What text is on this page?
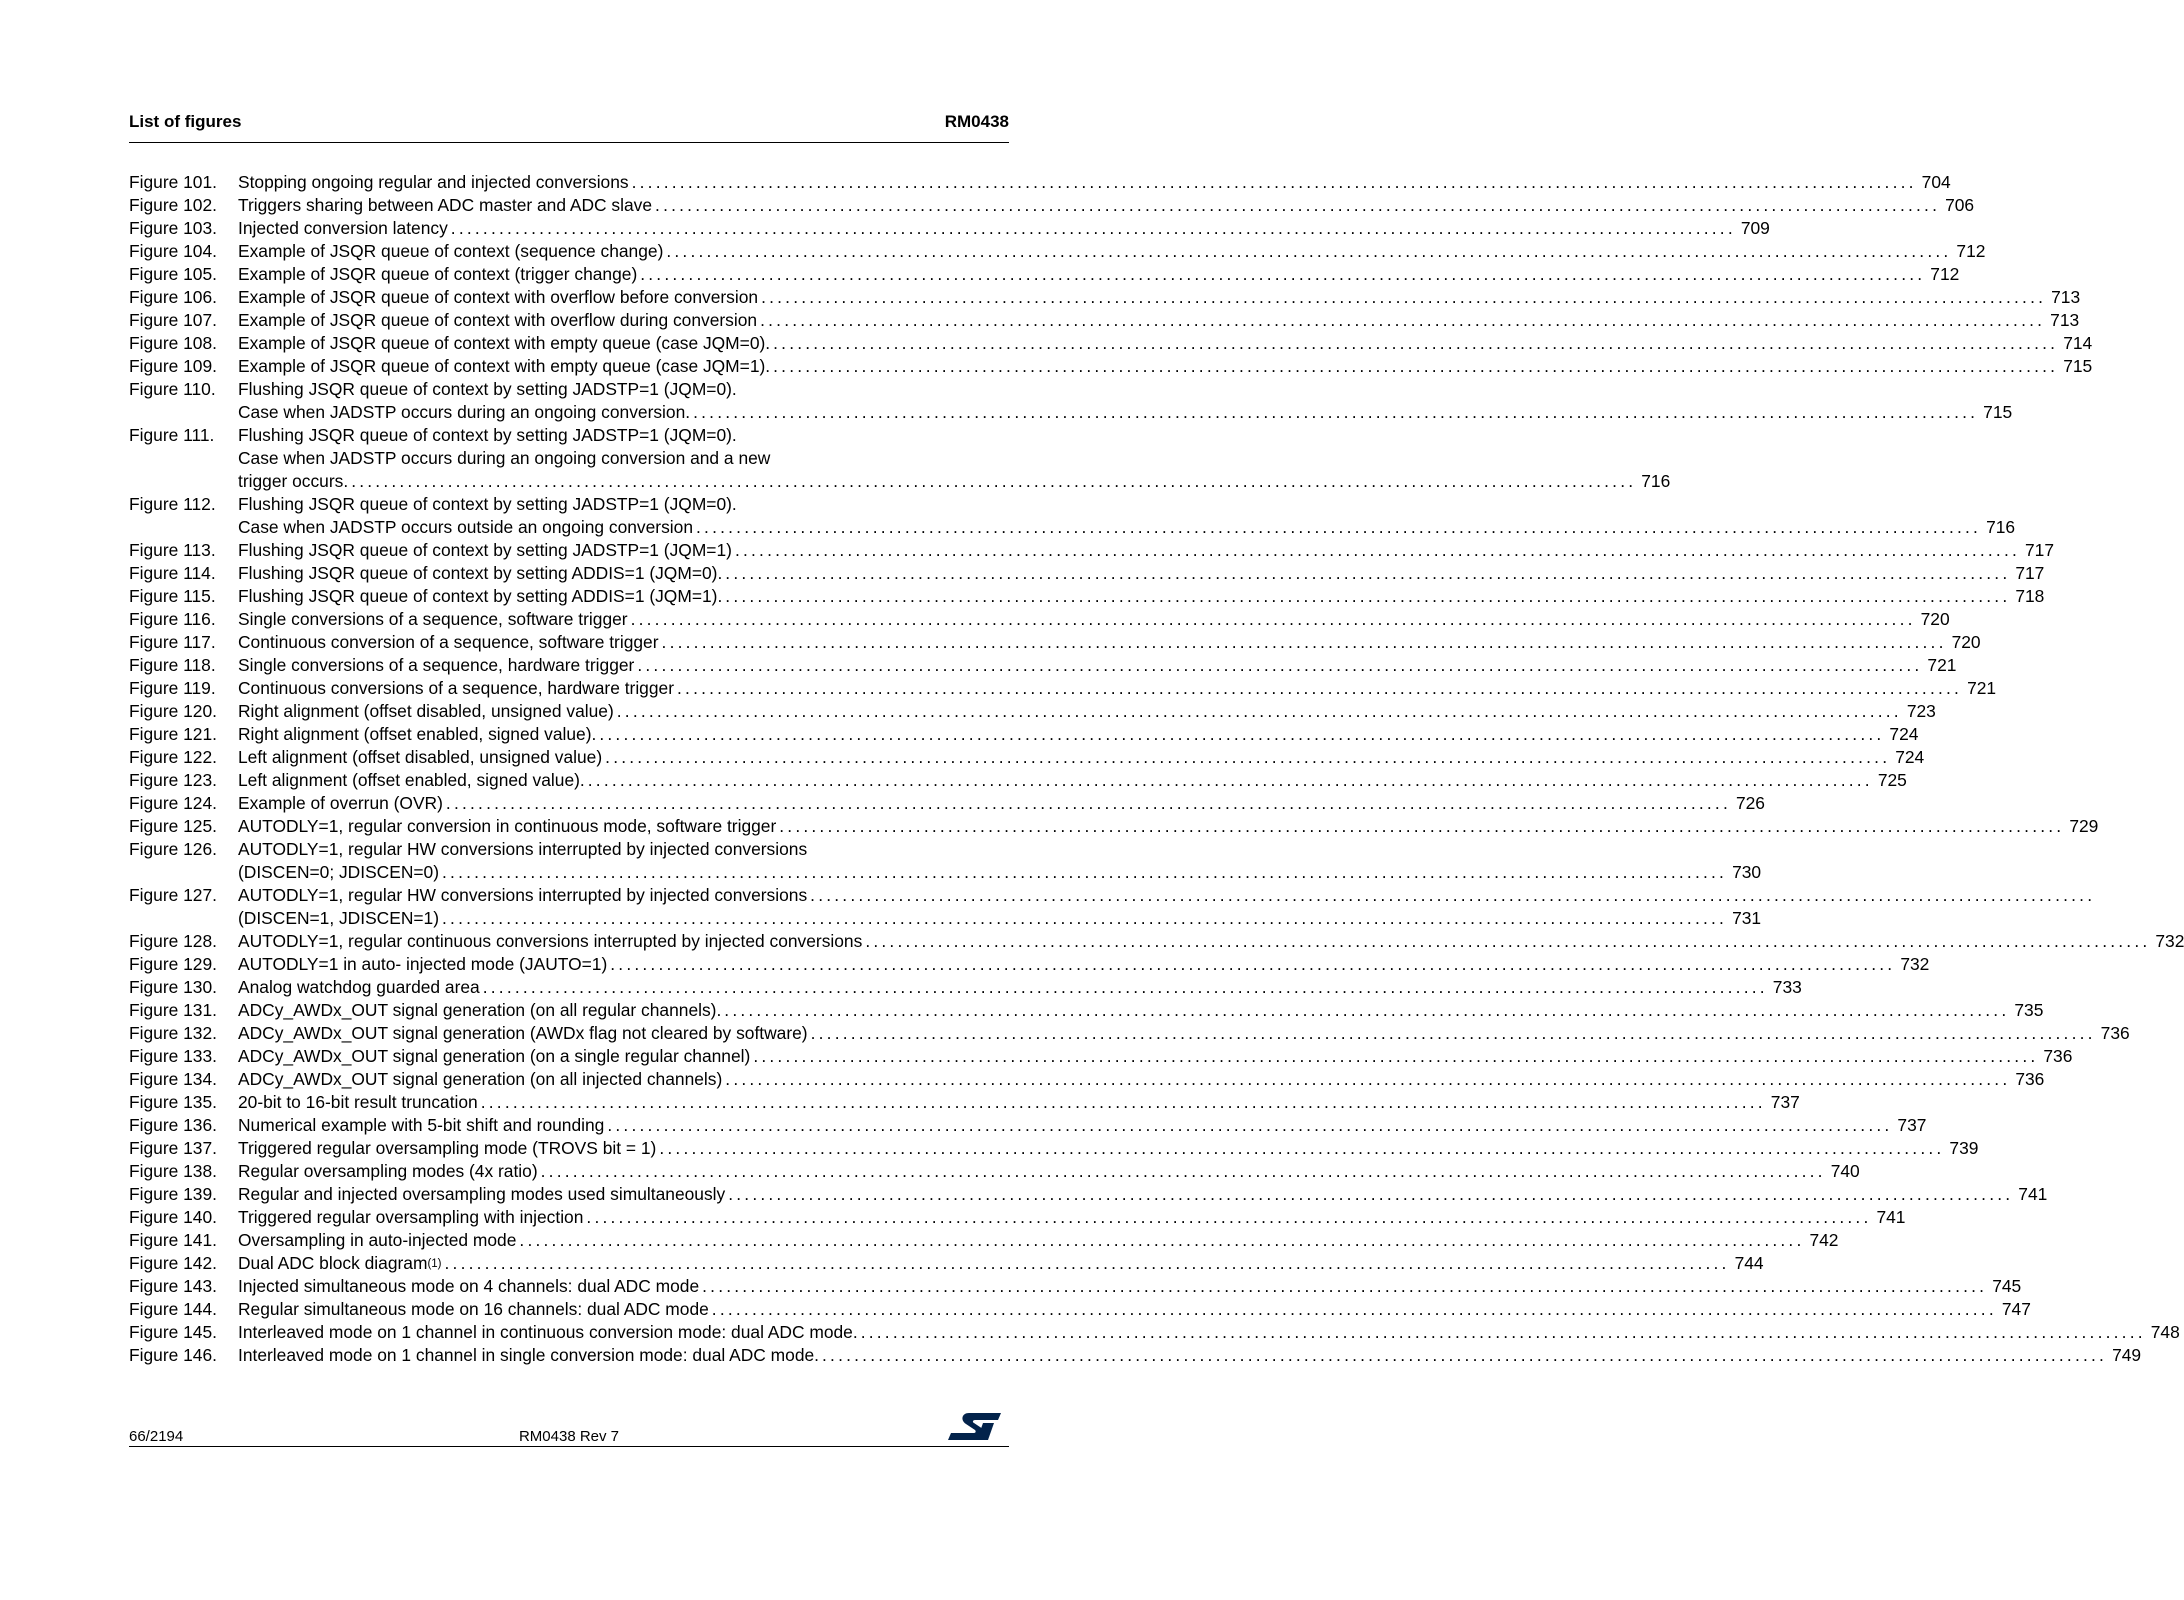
List of figures	RM0438
Figure 101.	Stopping ongoing regular and injected conversions ................................................................................................................................................................ 704
Figure 102.	Triggers sharing between ADC master and ADC slave ................................................................................................................................................................ 706
Figure 103.	Injected conversion latency ................................................................................................................................................................ 709
Figure 104.	Example of JSQR queue of context (sequence change) ................................................................................................................................................................ 712
Figure 105.	Example of JSQR queue of context (trigger change) ................................................................................................................................................................ 712
Figure 106.	Example of JSQR queue of context with overflow before conversion ................................................................................................................................................................ 713
Figure 107.	Example of JSQR queue of context with overflow during conversion ................................................................................................................................................................ 713
Figure 108.	Example of JSQR queue of context with empty queue (case JQM=0). ................................................................................................................................................................ 714
Figure 109.	Example of JSQR queue of context with empty queue (case JQM=1). ................................................................................................................................................................ 715
Figure 110.	Flushing JSQR queue of context by setting JADSTP=1 (JQM=0).
Case when JADSTP occurs during an ongoing conversion. ................................................................................................................................................................ 715
Figure 111.	Flushing JSQR queue of context by setting JADSTP=1 (JQM=0).
Case when JADSTP occurs during an ongoing conversion and a new
trigger occurs. ................................................................................................................................................................ 716
Figure 112.	Flushing JSQR queue of context by setting JADSTP=1 (JQM=0).
Case when JADSTP occurs outside an ongoing conversion ................................................................................................................................................................ 716
Figure 113.	Flushing JSQR queue of context by setting JADSTP=1 (JQM=1) ................................................................................................................................................................ 717
Figure 114.	Flushing JSQR queue of context by setting ADDIS=1 (JQM=0). ................................................................................................................................................................ 717
Figure 115.	Flushing JSQR queue of context by setting ADDIS=1 (JQM=1). ................................................................................................................................................................ 718
Figure 116.	Single conversions of a sequence, software trigger ................................................................................................................................................................ 720
Figure 117.	Continuous conversion of a sequence, software trigger ................................................................................................................................................................ 720
Figure 118.	Single conversions of a sequence, hardware trigger ................................................................................................................................................................ 721
Figure 119.	Continuous conversions of a sequence, hardware trigger ................................................................................................................................................................ 721
Figure 120.	Right alignment (offset disabled, unsigned value) ................................................................................................................................................................ 723
Figure 121.	Right alignment (offset enabled, signed value). ................................................................................................................................................................ 724
Figure 122.	Left alignment (offset disabled, unsigned value) ................................................................................................................................................................ 724
Figure 123.	Left alignment (offset enabled, signed value). ................................................................................................................................................................ 725
Figure 124.	Example of overrun (OVR) ................................................................................................................................................................ 726
Figure 125.	AUTODLY=1, regular conversion in continuous mode, software trigger ................................................................................................................................................................ 729
Figure 126.	AUTODLY=1, regular HW conversions interrupted by injected conversions
(DISCEN=0; JDISCEN=0) ................................................................................................................................................................ 730
Figure 127.	AUTODLY=1, regular HW conversions interrupted by injected conversions ................................................................................................................................................................
(DISCEN=1, JDISCEN=1) ................................................................................................................................................................ 731
Figure 128.	AUTODLY=1, regular continuous conversions interrupted by injected conversions ................................................................................................................................................................ 732
Figure 129.	AUTODLY=1 in auto- injected mode (JAUTO=1) ................................................................................................................................................................ 732
Figure 130.	Analog watchdog guarded area ................................................................................................................................................................ 733
Figure 131.	ADCy_AWDx_OUT signal generation (on all regular channels). ................................................................................................................................................................ 735
Figure 132.	ADCy_AWDx_OUT signal generation (AWDx flag not cleared by software) ................................................................................................................................................................ 736
Figure 133.	ADCy_AWDx_OUT signal generation (on a single regular channel) ................................................................................................................................................................ 736
Figure 134.	ADCy_AWDx_OUT signal generation (on all injected channels) ................................................................................................................................................................ 736
Figure 135.	20-bit to 16-bit result truncation ................................................................................................................................................................ 737
Figure 136.	Numerical example with 5-bit shift and rounding ................................................................................................................................................................ 737
Figure 137.	Triggered regular oversampling mode (TROVS bit = 1) ................................................................................................................................................................ 739
Figure 138.	Regular oversampling modes (4x ratio) ................................................................................................................................................................ 740
Figure 139.	Regular and injected oversampling modes used simultaneously ................................................................................................................................................................ 741
Figure 140.	Triggered regular oversampling with injection ................................................................................................................................................................ 741
Figure 141.	Oversampling in auto-injected mode ................................................................................................................................................................ 742
Figure 142.	Dual ADC block diagram$^{(1)}$ ................................................................................................................................................................ 744
Figure 143.	Injected simultaneous mode on 4 channels: dual ADC mode ................................................................................................................................................................ 745
Figure 144.	Regular simultaneous mode on 16 channels: dual ADC mode ................................................................................................................................................................ 747
Figure 145.	Interleaved mode on 1 channel in continuous conversion mode: dual ADC mode. ................................................................................................................................................................ 748
Figure 146.	Interleaved mode on 1 channel in single conversion mode: dual ADC mode. ................................................................................................................................................................ 749
66/2194	RM0438 Rev 7
